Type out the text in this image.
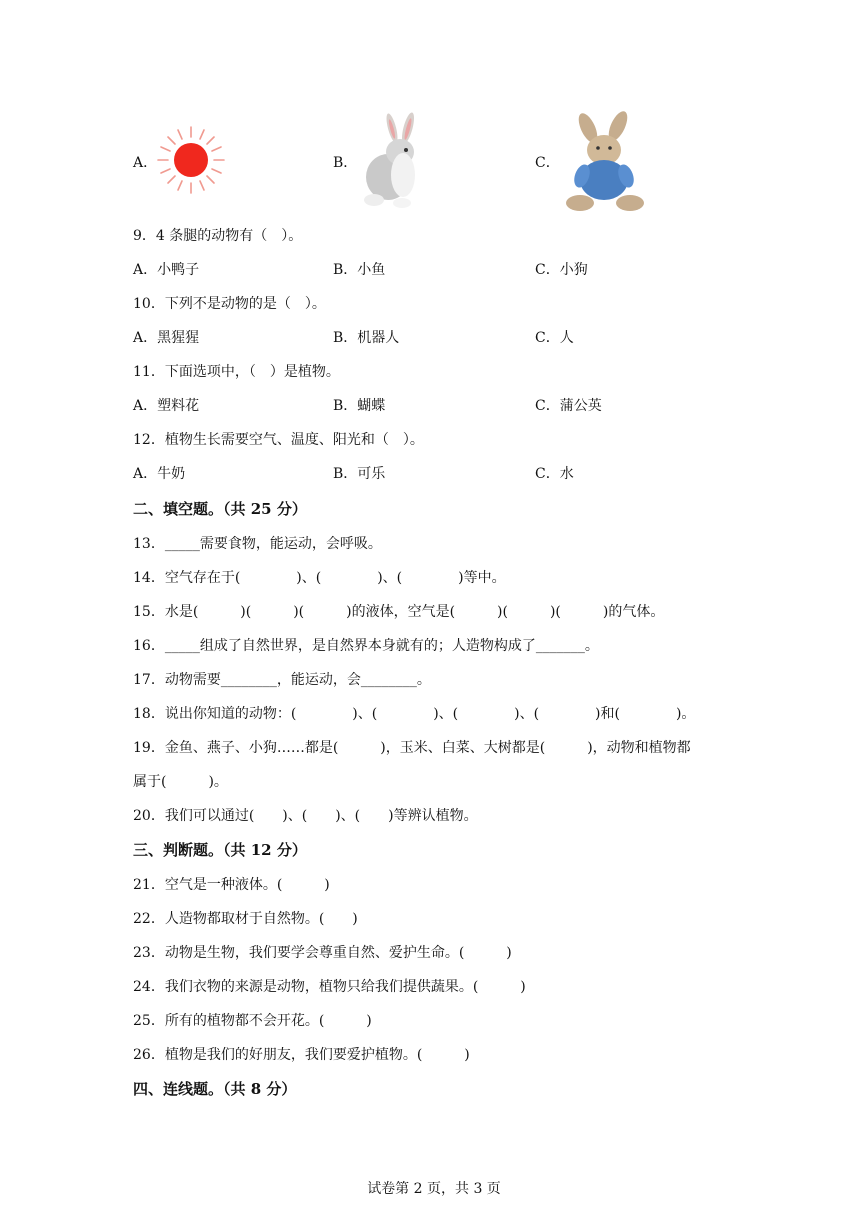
A．	B．	C．
9．4 条腿的动物有（　）。
A．小鸭子	B．小鱼	C．小狗
10．下列不是动物的是（　）。
A．黑猩猩	B．机器人	C．人
11．下面选项中，（　）是植物。
A．塑料花	B．蝴蝶	C．蒲公英
12．植物生长需要空气、温度、阳光和（　）。
A．牛奶	B．可乐	C．水
二、填空题。（共 25 分）
13．_____需要食物，能运动，会呼吸。
14．空气存在于(　　　　)、(　　　　)、(　　　　)等中。
15．水是(　　　)(　　　)(　　　)的液体，空气是(　　　)(　　　)(　　　)的气体。
16．_____组成了自然世界，是自然界本身就有的；人造物构成了_______。
17．动物需要________，能运动，会________。
18．说出你知道的动物：(　　　　)、(　　　　)、(　　　　)、(　　　　)和(　　　　)。
19．金鱼、燕子、小狗……都是(　　　)，玉米、白菜、大树都是(　　　)，动物和植物都
属于(　　　)。
20．我们可以通过(　　)、(　　)、(　　)等辨认植物。
三、判断题。（共 12 分）
21．空气是一种液体。(　　　)
22．人造物都取材于自然物。(　　)
23．动物是生物，我们要学会尊重自然、爱护生命。(　　　)
24．我们衣物的来源是动物，植物只给我们提供蔬果。(　　　)
25．所有的植物都不会开花。(　　　)
26．植物是我们的好朋友，我们要爱护植物。(　　　)
四、连线题。（共 8 分）
试卷第 2 页，共 3 页
